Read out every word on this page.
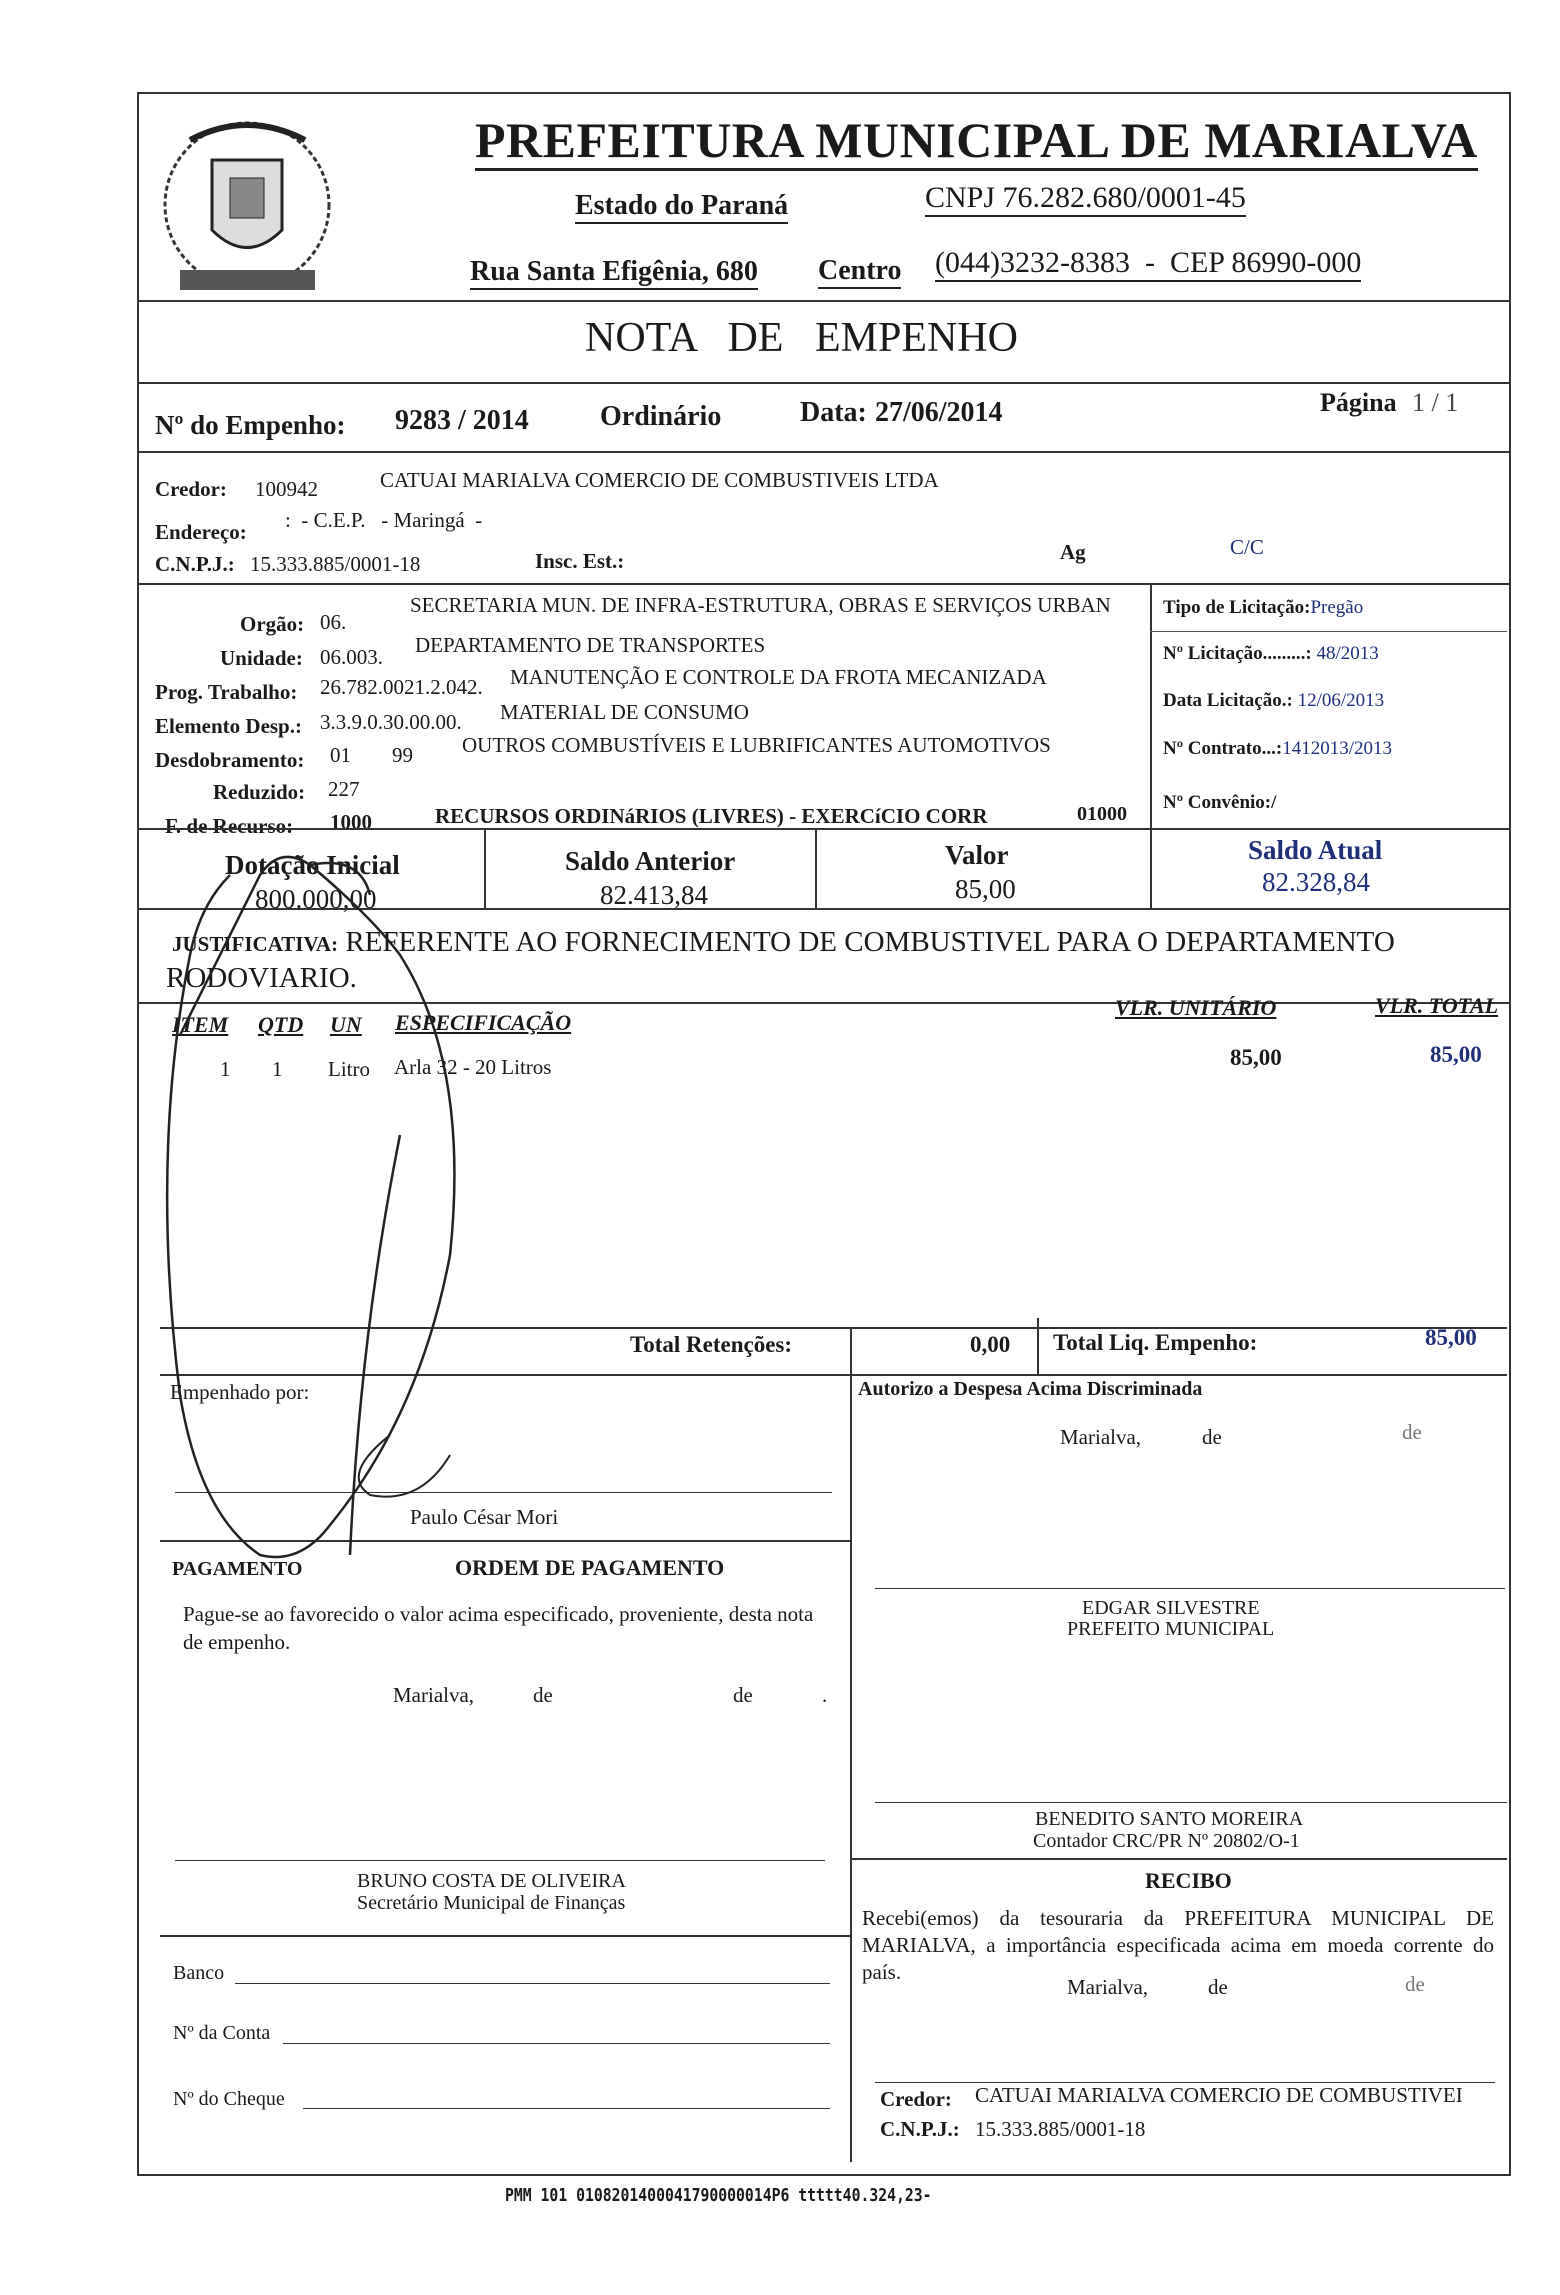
PREFEITURA MUNICIPAL DE MARIALVA
Estado do Paraná	CNPJ 76.282.680/0001-45
Rua Santa Efigênia, 680 Centro (044)3232-8383  -  CEP 86990-000
NOTA   DE   EMPENHO
Nº do Empenho: 9283 / 2014	Ordinário	Data: 27/06/2014	Página 1 / 1
Credor: 100942	CATUAI MARIALVA COMERCIO DE COMBUSTIVEIS LTDA
Endereço: :  - C.E.P.   - Maringá  -
C.N.P.J.: 15.333.885/0001-18	Insc. Est.:	Ag	C/C
Orgão: 06.
SECRETARIA MUN. DE INFRA-ESTRUTURA, OBRAS E SERVIÇOS URBAN
Unidade: 06.003. DEPARTAMENTO DE TRANSPORTES
Prog. Trabalho: 26.782.0021.2.042. MANUTENÇÃO E CONTROLE DA FROTA MECANIZADA
Elemento Desp.: 3.3.9.0.30.00.00. MATERIAL DE CONSUMO
Desdobramento: 01 99 OUTROS COMBUSTÍVEIS E LUBRIFICANTES AUTOMOTIVOS
Reduzido: 227
F. de Recurso: 1000	RECURSOS ORDINáRIOS (LIVRES) - EXERCíCIO CORR	01000
Tipo de Licitação:Pregão
Nº Licitação.........: 48/2013
Data Licitação.: 12/06/2013
Nº Contrato...:1412013/2013
Nº Convênio:/
Dotação Inicial
800.000,00
Saldo Anterior
82.413,84
Valor
85,00
Saldo Atual
82.328,84
JUSTIFICATIVA: REFERENTE AO FORNECIMENTO DE COMBUSTIVEL PARA O DEPARTAMENTO
RODOVIARIO.
ITEM QTD UN ESPECIFICAÇÃO
VLR. UNITÁRIO	VLR. TOTAL
1 1 Litro Arla 32 - 20 Litros	85,00	85,00
Total Retenções:	0,00 Total Liq. Empenho:	85,00
Empenhado por:
Paulo César Mori
Autorizo a Despesa Acima Discriminada
Marialva,	de	de
EDGAR SILVESTRE
PREFEITO MUNICIPAL
PAGAMENTO	ORDEM DE PAGAMENTO
Pague-se ao favorecido o valor acima especificado, proveniente, desta nota de empenho.
Marialva,	de	de	.
BRUNO COSTA DE OLIVEIRA
Secretário Municipal de Finanças
Banco
Nº da Conta
Nº do Cheque
BENEDITO SANTO MOREIRA
Contador CRC/PR Nº 20802/O-1
RECIBO
Recebi(emos) da tesouraria da PREFEITURA MUNICIPAL DE MARIALVA, a importância especificada acima em moeda corrente do país.
Marialva,	de	de
Credor: CATUAI MARIALVA COMERCIO DE COMBUSTIVEI
C.N.P.J.: 15.333.885/0001-18
PMM 101 0108201400041790000014P6 ttttt40.324,23-
